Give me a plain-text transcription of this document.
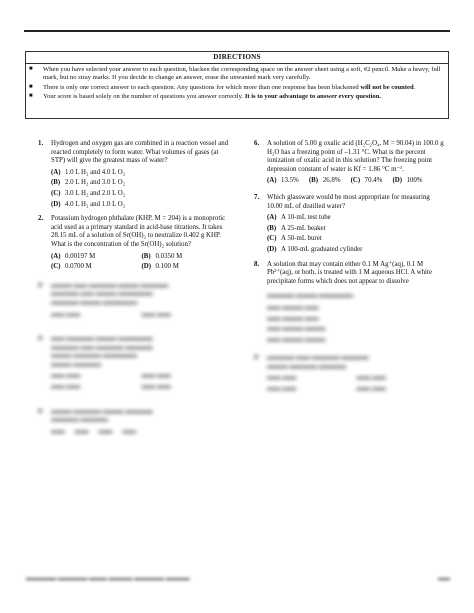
DIRECTIONS
■ When you have selected your answer to each question, blacken the corresponding space on the answer sheet using a soft, #2 pencil. Make a heavy, full mark, but no stray marks. If you decide to change an answer, erase the unwanted mark very carefully.
■ There is only one correct answer to each question. Any questions for which more than one response has been blackened will not be counted.
■ Your score is based solely on the number of questions you answer correctly. It is to your advantage to answer every question.
1. Hydrogen and oxygen gas are combined in a reaction vessel and reacted completely to form water. What volumes of gases (at STP) will give the greatest mass of water?
(A) 1.0 L H₂ and 4.0 L O₂
(B) 2.0 L H₂ and 3.0 L O₂
(C) 3.0 L H₂ and 2.0 L O₂
(D) 4.0 L H₂ and 1.0 L O₂
2. Potassium hydrogen phthalate (KHP, M = 204) is a monoprotic acid used as a primary standard in acid-base titrations. It takes 28.15 mL of a solution of Sr(OH)₂ to neutralize 0.402 g KHP. What is the concentration of the Sr(OH)₂ solution?
(A) 0.00197 M	(B) 0.0350 M
(C) 0.0700 M	(D) 0.100 M
■ ▬▬▬ ▬▬ ▬▬▬▬ ▬▬▬ ▬▬▬▬
▬▬▬▬ ▬▬ ▬▬▬ ▬▬▬▬▬
▬▬▬▬ ▬▬▬ ▬▬▬▬▬
▬▬ ▬▬	▬▬ ▬▬
■ ▬▬ ▬▬▬▬ ▬▬▬ ▬▬▬▬▬
▬▬▬▬ ▬▬ ▬▬▬▬ ▬▬▬▬
▬▬▬ ▬▬▬▬ ▬▬▬▬▬
▬▬▬ ▬▬▬▬
▬▬ ▬▬	▬▬ ▬▬
▬▬ ▬▬	▬▬ ▬▬
■ ▬▬▬ ▬▬▬▬ ▬▬▬ ▬▬▬▬
▬▬▬▬ ▬▬▬▬
▬▬ ▬▬ ▬▬ ▬▬
6. A solution of 5.00 g oxalic acid (H₂C₂O₄, M = 90.04) in 100.0 g H₂O has a freezing point of –1.31 °C. What is the percent ionization of oxalic acid in this solution? The freezing point depression constant of water is Kf = 1.86 °C m⁻¹.
(A) 13.5% (B) 26.8% (C) 70.4% (D) 100%
7. Which glassware would be most appropriate for measuring 10.00 mL of distilled water?
(A) A 10-mL test tube
(B) A 25-mL beaker
(C) A 50-mL buret
(D) A 100-mL graduated cylinder
8. A solution that may contain either 0.1 M Ag⁺(aq), 0.1 M Pb²⁺(aq), or both, is treated with 1 M aqueous HCl. A white precipitate forms which does not appear to dissolve
▬▬▬▬ ▬▬▬ ▬▬▬▬▬
▬▬ ▬▬▬ ▬▬
▬▬ ▬▬▬ ▬▬
▬▬ ▬▬▬ ▬▬▬
▬▬ ▬▬▬ ▬▬▬
■ ▬▬▬▬ ▬▬ ▬▬▬▬ ▬▬▬▬
▬▬▬ ▬▬▬▬ ▬▬▬▬
▬▬ ▬▬	▬▬ ▬▬
▬▬ ▬▬	▬▬ ▬▬
▬▬▬▬▬ ▬▬▬▬▬ ▬▬▬ ▬▬▬▬ ▬▬▬▬▬ ▬▬▬▬	▬▬
